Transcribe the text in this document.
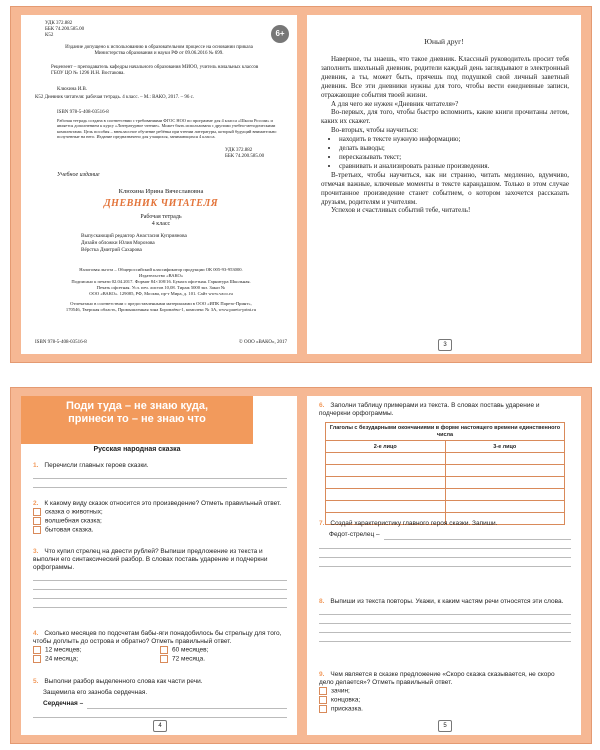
УДК 372.882
ББК 74.200.585.00
К52	6+
Издание допущено к использованию в образовательном процессе на основании приказа Министерства образования и науки РФ от 09.06.2016 № 699.
Рецензент – преподаватель кафедры начального образования МИОО, учитель начальных классов ГБОУ ЦО № 1296 И.Н. Востакова.
Клюхина И.В.
К52 Дневник читателя: рабочая тетрадь. 4 класс. – М.: ВАКО, 2017. – 96 с.
ISBN 978-5-408-03516-8
Рабочая тетрадь создана в соответствии с требованиями ФГОС НОО по программе для 4 класса «Школа России» и является дополнением к курсу «Литературное чтение». Может быть использована с другими учебно-методическими комплектами. Цель пособия – внеклассное обучение ребёнка при чтении литературы, который будущий внимательно полученные на него. Издание предназначено для учащихся, занимающихся 4 класса.
УДК 372.882
ББК 74.200.585.00
Учебное издание
Клюхина Ирина Вячеславовна
ДНЕВНИК ЧИТАТЕЛЯ
Рабочая тетрадь
4 класс
Выпускающий редактор Анастасия Куприянова
Дизайн обложки Юлия Морозова
Вёрстка Дмитрий Сахарова
Налоговая льгота – Общероссийский классификатор продукции ОК 005-93-953000.
Издательство «ВАКО»
Подписано к печати 02.04.2017. Формат 84×108/16. Бумага офсетная. Гарнитура Школьная.
Печать офсетная. Усл. печ. листов 10,08. Тираж 5000 экз. Заказ №
ООО «ВАКО». 129085, РФ, Москва, пр-т Мира, д. 101. Сайт www.vaco.ru
Отпечатано в соответствии с предоставленными материалами в ООО «ИПК Парето-Принт»,
170546, Тверская область, Промышленная зона Боровлёво-1, комплекс № 3А, www.pareto-print.ru
ISBN 978-5-408-03516-8	© ООО «ВАКО», 2017
Юный друг!

Наверное, ты знаешь, что такое дневник. Классный руководитель просит тебя заполнить школьный дневник, родители каждый день заглядывают в электронный дневник, а ты, может быть, прячешь под подушкой свой личный заветный дневник. Все эти дневники нужны для того, чтобы вести ежедневные записи, отражающие события твоей жизни.

А для чего же нужен «Дневник читателя»?

Во-первых, для того, чтобы быстро вспомнить, какие книги прочитаны летом, каких их скажет.

Во-вторых, чтобы научиться:

• находить в тексте нужную информацию;
• делать выводы;
• пересказывать текст;
• сравнивать и анализировать разные произведения.

В-третьих, чтобы научиться, как ни странно, читать медленно, вдумчиво, отмечая важные, ключевые моменты в тексте карандашом. Только в этом случае прочитанное произведение станет событием, о котором захочется рассказать друзьям, родителям и учителям.

Успехов и счастливых событий тебе, читатель!

3
Поди туда – не знаю куда,
принеси то – не знаю что
Русская народная сказка
1. Перечисли главных героев сказки.
2. К какому виду сказок относится это произведение? Отметь правильный ответ.
сказка о животных;
волшебная сказка;
бытовая сказка.
3. Что купил стрелец на двести рублей? Выпиши предложение из текста и выполни его синтаксический разбор. В словах поставь ударение и подчеркни орфограммы.
4. Сколько месяцев по подсчетам бабы-яги понадобилось бы стрельцу для того, чтобы доплыть до острова и обратно? Отметь правильный ответ.
12 месяцев;
24 месяца;
60 месяцев;
72 месяца.
5. Выполни разбор выделенного слова как части речи.
Защемила его зазноба сердечная.
Сердечная –
4
6. Заполни таблицу примерами из текста. В словах поставь ударение и подчеркни орфограммы.
Глаголы с безударными окончаниями в форме настоящего времени единственного числа
2-е лицо	3-е лицо

7. Создай характеристику главного героя сказки. Запиши.
Федот-стрелец –
8. Выпиши из текста повторы. Укажи, к каким частям речи относятся эти слова.
9. Чем является в сказке предложение «Скоро сказка сказывается, не скоро дело делается»? Отметь правильный ответ.
зачин;
концовка;
присказка.
5
